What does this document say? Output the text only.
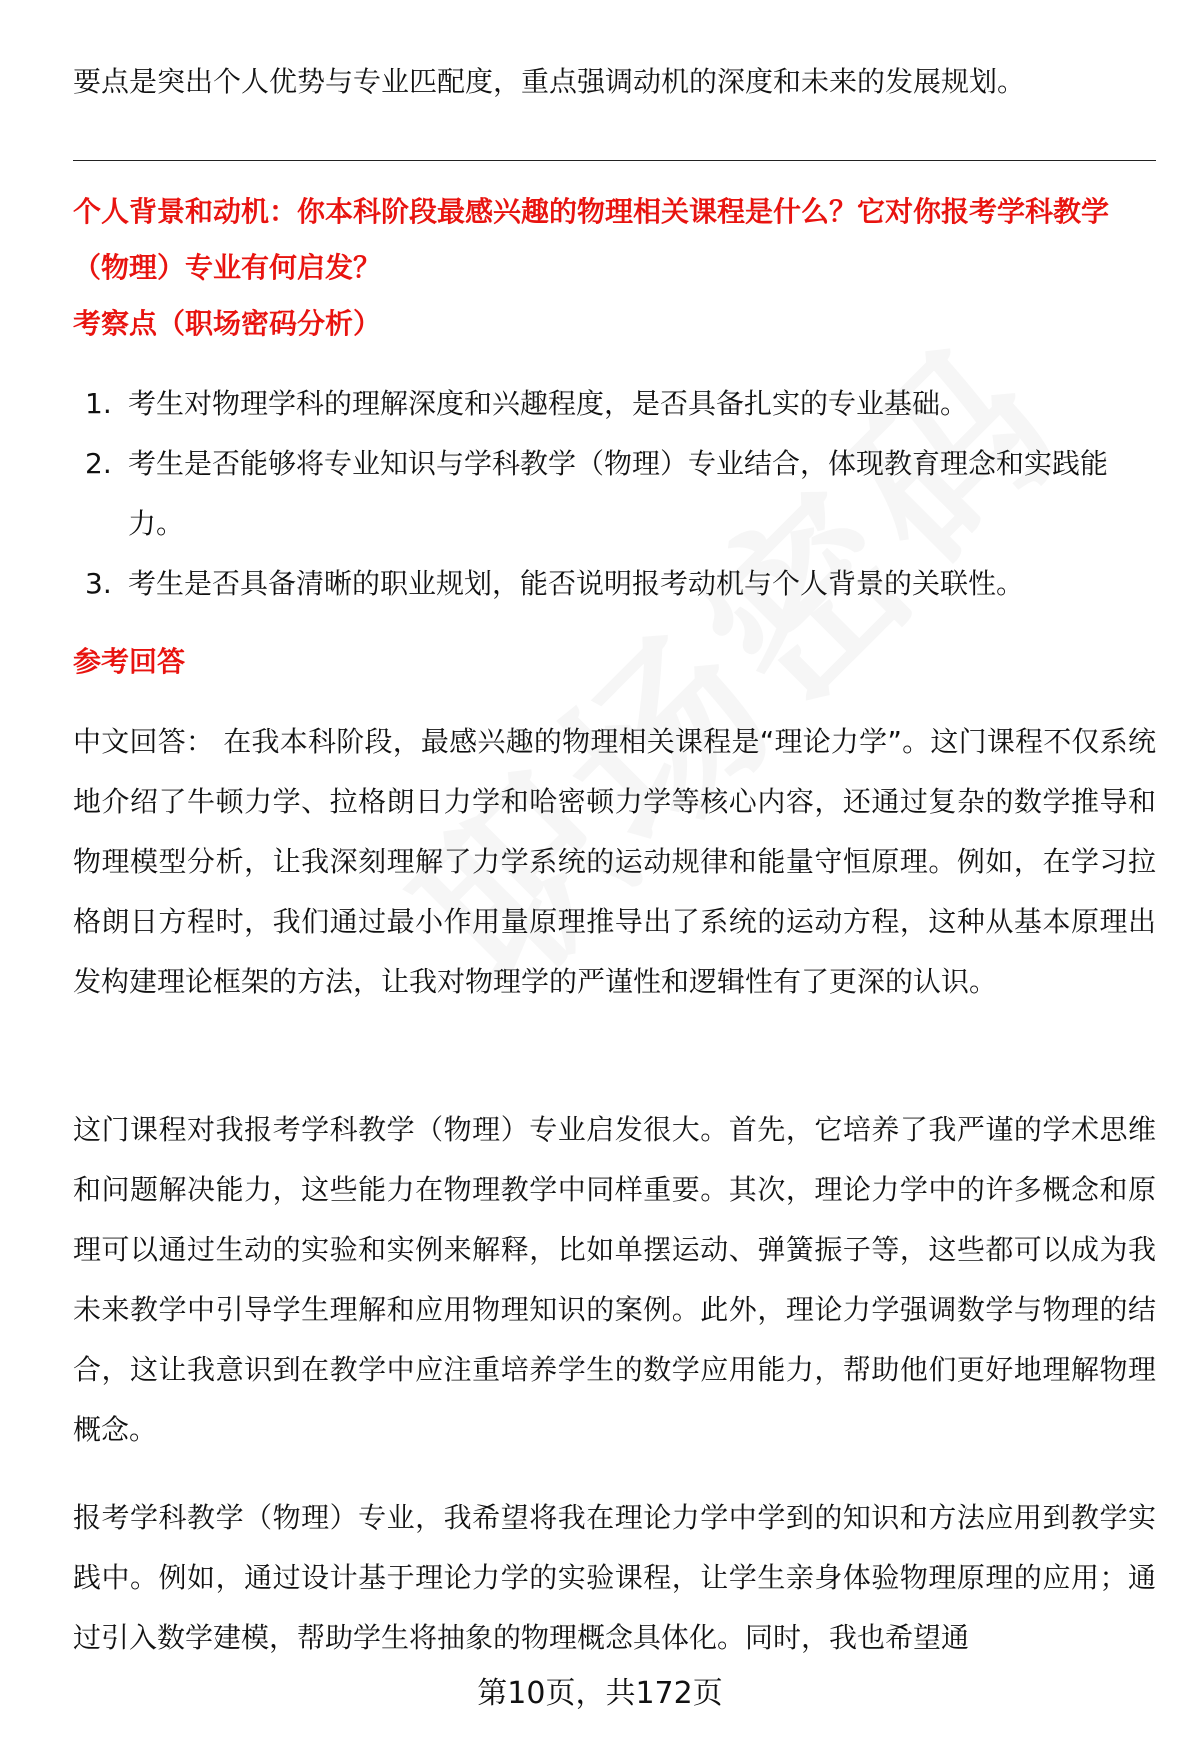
要点是突出个人优势与专业匹配度，重点强调动机的深度和未来的发展规划。

个人背景和动机：你本科阶段最感兴趣的物理相关课程是什么？它对你报考学科教学（物理）专业有何启发？

考察点（职场密码分析）

1. 考生对物理学科的理解深度和兴趣程度，是否具备扎实的专业基础。
2. 考生是否能够将专业知识与学科教学（物理）专业结合，体现教育理念和实践能力。
3. 考生是否具备清晰的职业规划，能否说明报考动机与个人背景的关联性。

参考回答

中文回答： 在我本科阶段，最感兴趣的物理相关课程是“理论力学”。这门课程不仅系统地介绍了牛顿力学、拉格朗日力学和哈密顿力学等核心内容，还通过复杂的数学推导和物理模型分析，让我深刻理解了力学系统的运动规律和能量守恒原理。例如，在学习拉格朗日方程时，我们通过最小作用量原理推导出了系统的运动方程，这种从基本原理出发构建理论框架的方法，让我对物理学的严谨性和逻辑性有了更深的认识。

这门课程对我报考学科教学（物理）专业启发很大。首先，它培养了我严谨的学术思维和问题解决能力，这些能力在物理教学中同样重要。其次，理论力学中的许多概念和原理可以通过生动的实验和实例来解释，比如单摆运动、弹簧振子等，这些都可以成为我未来教学中引导学生理解和应用物理知识的案例。此外，理论力学强调数学与物理的结合，这让我意识到在教学中应注重培养学生的数学应用能力，帮助他们更好地理解物理概念。

报考学科教学（物理）专业，我希望将我在理论力学中学到的知识和方法应用到教学实践中。例如，通过设计基于理论力学的实验课程，让学生亲身体验物理原理的应用；通过引入数学建模，帮助学生将抽象的物理概念具体化。同时，我也希望通

第10页，共172页
